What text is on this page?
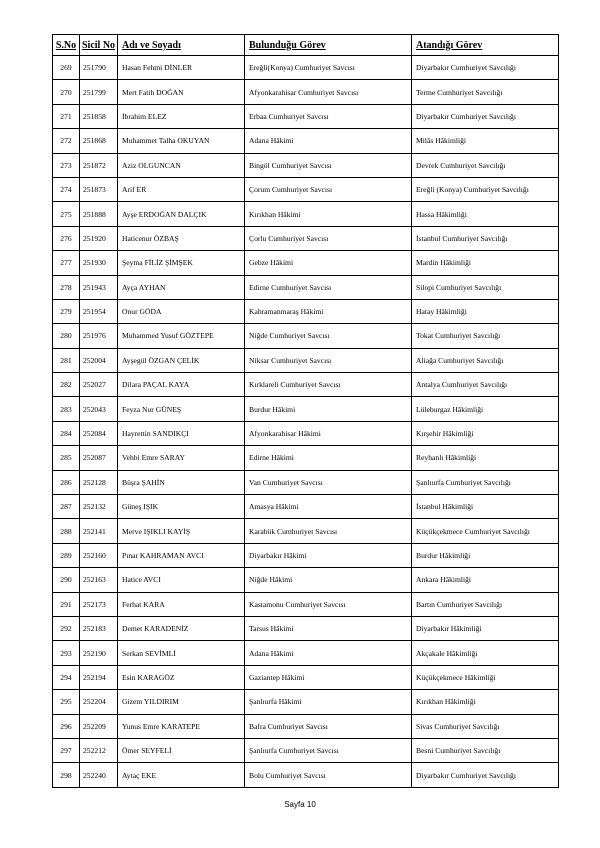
S.No	Sicil No	Adı ve Soyadı	Bulunduğu Görev	Atandığı Görev
269	251790	Hasan Fehmi DİNLER	Ereğli(Konya) Cumhuriyet Savcısı	Diyarbakır Cumhuriyet Savcılığı
270	251799	Mert Fatih DOĞAN	Afyonkarahisar Cumhuriyet Savcısı	Terme Cumhuriyet Savcılığı
271	251858	İbrahim ELEZ	Erbaa Cumhuriyet Savcısı	Diyarbakır Cumhuriyet Savcılığı
272	251868	Muhammet Talha OKUYAN	Adana Hâkimi	Milâs Hâkimliği
273	251872	Aziz OLGUNCAN	Bingöl Cumhuriyet Savcısı	Devrek Cumhuriyet Savcılığı
274	251873	Arif ER	Çorum Cumhuriyet Savcısı	Ereğli (Konya) Cumhuriyet Savcılığı
275	251888	Ayşe ERDOĞAN DALÇIK	Kırıkhan Hâkimi	Hassa Hâkimliği
276	251920	Haticenur ÖZBAŞ	Çorlu Cumhuriyet Savcısı	İstanbul Cumhuriyet Savcılığı
277	251930	Şeyma FİLİZ ŞİMŞEK	Gebze Hâkimi	Mardin Hâkimliği
278	251943	Ayça AYHAN	Edirne Cumhuriyet Savcısı	Silopi Cumhuriyet Savcılığı
279	251954	Onur GÖDA	Kahramanmaraş Hâkimi	Hatay Hâkimliği
280	251976	Muhammed Yusuf GÖZTEPE	Niğde Cumhuriyet Savcısı	Tokat Cumhuriyet Savcılığı
281	252004	Ayşegül ÖZGAN ÇELİK	Niksar Cumhuriyet Savcısı	Aliağa Cumhuriyet Savcılığı
282	252027	Dilara PAÇAL KAYA	Kırklareli Cumhuriyet Savcısı	Antalya Cumhuriyet Savcılığı
283	252043	Feyza Nur GÜNEŞ	Burdur Hâkimi	Lüleburgaz Hâkimliği
284	252084	Hayrettin SANDIKÇI	Afyonkarahisar Hâkimi	Kırşehir Hâkimliği
285	252087	Vehbi Emre SARAY	Edirne Hâkimi	Reyhanlı Hâkimliği
286	252128	Büşra ŞAHİN	Van Cumhuriyet Savcısı	Şanlıurfa Cumhuriyet Savcılığı
287	252132	Güneş IŞIK	Amasya Hâkimi	İstanbul Hâkimliği
288	252141	Merve IŞIKLI KAYİŞ	Karabük Cumhuriyet Savcısı	Küçükçekmece Cumhuriyet Savcılığı
289	252160	Pınar KAHRAMAN AVCI	Diyarbakır Hâkimi	Burdur Hâkimliği
290	252163	Hatice AVCI	Niğde Hâkimi	Ankara Hâkimliği
291	252173	Ferhat KARA	Kastamonu Cumhuriyet Savcısı	Bartın Cumhuriyet Savcılığı
292	252183	Demet KARADENİZ	Tarsus Hâkimi	Diyarbakır Hâkimliği
293	252190	Serkan SEVİMLİ	Adana Hâkimi	Akçakale Hâkimliği
294	252194	Esin KARAGÖZ	Gaziantep Hâkimi	Küçükçekmece Hâkimliği
295	252204	Gizem YILDIRIM	Şanlıurfa Hâkimi	Kırıkhan Hâkimliği
296	252209	Yunus Emre KARATEPE	Bafra Cumhuriyet Savcısı	Sivas Cumhuriyet Savcılığı
297	252212	Ömer SEYFELİ	Şanlıurfa Cumhuriyet Savcısı	Besni Cumhuriyet Savcılığı
298	252240	Aytaç EKE	Bolu Cumhuriyet Savcısı	Diyarbakır Cumhuriyet Savcılığı
Sayfa 10
